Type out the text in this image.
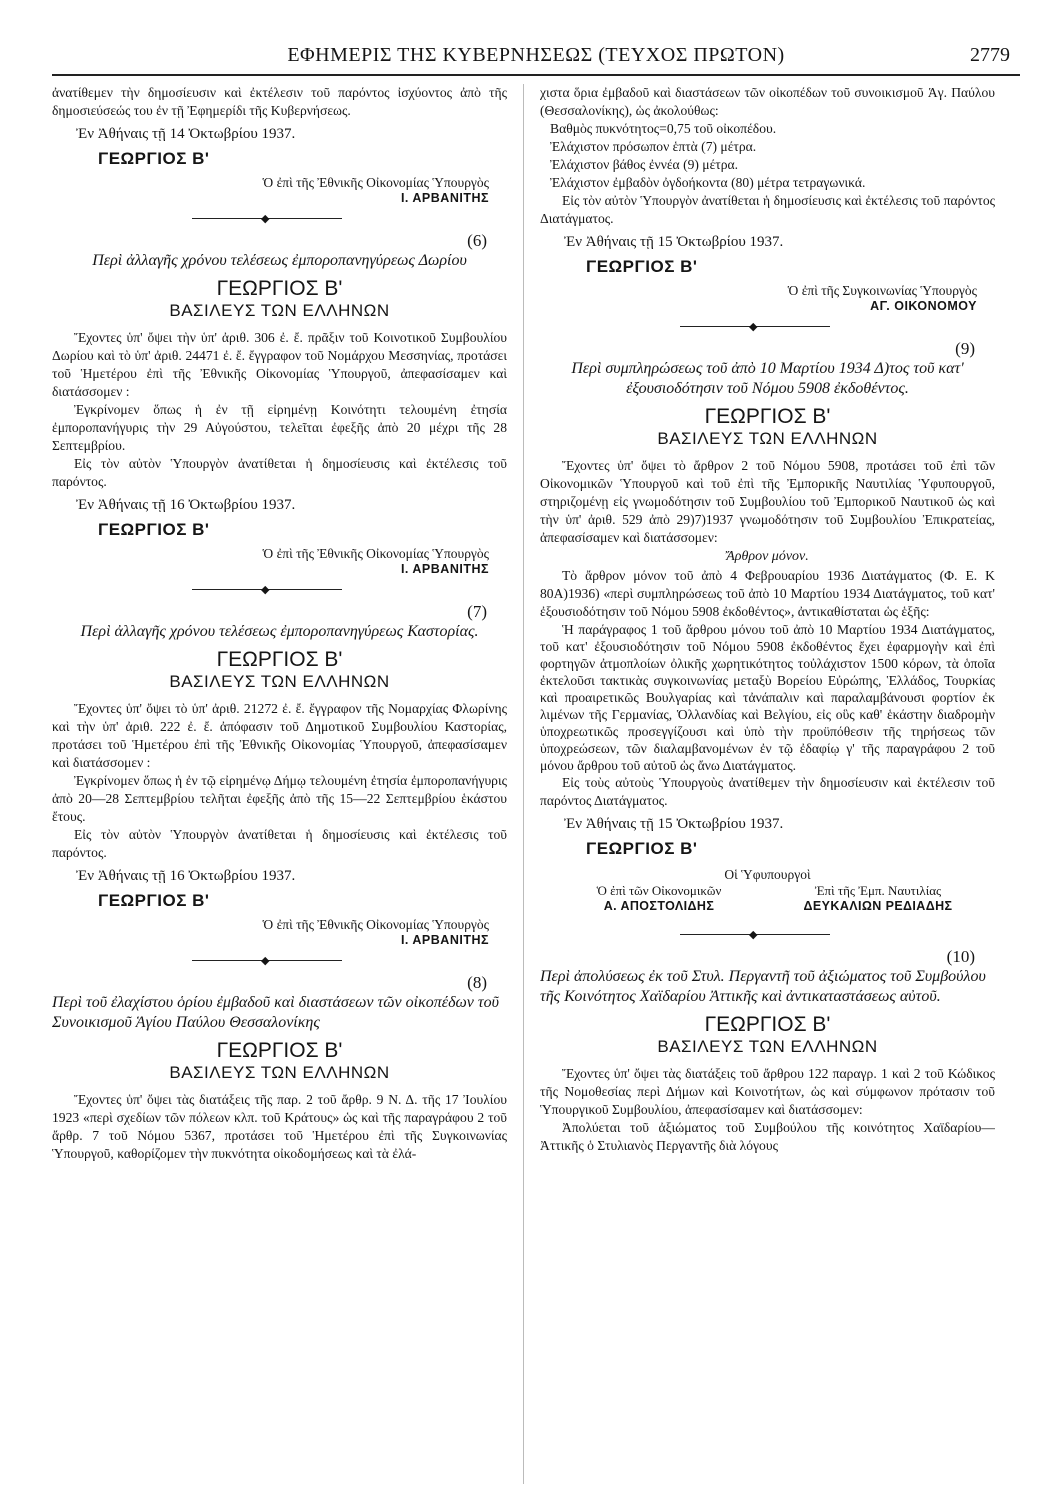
ΕΦΗΜΕΡΙΣ ΤΗΣ ΚΥΒΕΡΝΗΣΕΩΣ (ΤΕΥΧΟΣ ΠΡΩΤΟΝ)	2779

ἀνατίθεμεν τὴν δημοσίευσιν καὶ ἐκτέλεσιν τοῦ παρόντος ἰσχύοντος ἀπὸ τῆς δημοσιεύσεώς του ἐν τῇ Ἐφημερίδι τῆς Κυβερνήσεως.

Ἐν Ἀθήναις τῇ 14 Ὀκτωβρίου 1937.
ΓΕΩΡΓΙΟΣ Β'
Ὁ ἐπὶ τῆς Ἐθνικῆς Οἰκονομίας Ὑπουργὸς
Ι. ΑΡΒΑΝΙΤΗΣ
◆
(6)
Περὶ ἀλλαγῆς χρόνου τελέσεως ἐμποροπανηγύρεως Δωρίου
ΓΕΩΡΓΙΟΣ Β'
ΒΑΣΙΛΕΥΣ ΤΩΝ ΕΛΛΗΝΩΝ

Ἔχοντες ὑπ' ὄψει τὴν ὑπ' ἀριθ. 306 ἐ. ἔ. πρᾶξιν τοῦ Κοινοτικοῦ Συμβουλίου Δωρίου καὶ τὸ ὑπ' ἀριθ. 24471 ἐ. ἔ. ἔγγραφον τοῦ Νομάρχου Μεσσηνίας, προτάσει τοῦ Ἡμετέρου ἐπὶ τῆς Ἐθνικῆς Οἰκονομίας Ὑπουργοῦ, ἀπεφασίσαμεν καὶ διατάσσομεν :

Ἐγκρίνομεν ὅπως ἡ ἐν τῇ εἰρημένῃ Κοινότητι τελουμένη ἐτησία ἐμποροπανήγυρις τὴν 29 Αὐγούστου, τελεῖται ἐφεξῆς ἀπὸ 20 μέχρι τῆς 28 Σεπτεμβρίου.

Εἰς τὸν αὐτὸν Ὑπουργὸν ἀνατίθεται ἡ δημοσίευσις καὶ ἐκτέλεσις τοῦ παρόντος.

Ἐν Ἀθήναις τῇ 16 Ὀκτωβρίου 1937.
ΓΕΩΡΓΙΟΣ Β'
Ὁ ἐπὶ τῆς Ἐθνικῆς Οἰκονομίας Ὑπουργὸς
Ι. ΑΡΒΑΝΙΤΗΣ
◆
(7)
Περὶ ἀλλαγῆς χρόνου τελέσεως ἐμποροπανηγύρεως Καστορίας.
ΓΕΩΡΓΙΟΣ Β'
ΒΑΣΙΛΕΥΣ ΤΩΝ ΕΛΛΗΝΩΝ

Ἔχοντες ὑπ' ὄψει τὸ ὑπ' ἀριθ. 21272 ἐ. ἔ. ἔγγραφον τῆς Νομαρχίας Φλωρίνης καὶ τὴν ὑπ' ἀριθ. 222 ἐ. ἔ. ἀπόφασιν τοῦ Δημοτικοῦ Συμβουλίου Καστορίας, προτάσει τοῦ Ἡμετέρου ἐπὶ τῆς Ἐθνικῆς Οἰκονομίας Ὑπουργοῦ, ἀπεφασίσαμεν καὶ διατάσσομεν :

Ἐγκρίνομεν ὅπως ἡ ἐν τῷ εἰρημένῳ Δήμῳ τελουμένη ἐτησία ἐμποροπανήγυρις ἀπὸ 20—28 Σεπτεμβρίου τελῆται ἐφεξῆς ἀπὸ τῆς 15—22 Σεπτεμβρίου ἑκάστου ἔτους.

Εἰς τὸν αὐτὸν Ὑπουργὸν ἀνατίθεται ἡ δημοσίευσις καὶ ἐκτέλεσις τοῦ παρόντος.

Ἐν Ἀθήναις τῇ 16 Ὀκτωβρίου 1937.
ΓΕΩΡΓΙΟΣ Β'
Ὁ ἐπὶ τῆς Ἐθνικῆς Οἰκονομίας Ὑπουργὸς
Ι. ΑΡΒΑΝΙΤΗΣ
◆
(8)
Περὶ τοῦ ἐλαχίστου ὁρίου ἐμβαδοῦ καὶ διαστάσεων τῶν οἰκοπέδων τοῦ Συνοικισμοῦ Ἁγίου Παύλου Θεσσαλονίκης
ΓΕΩΡΓΙΟΣ Β'
ΒΑΣΙΛΕΥΣ ΤΩΝ ΕΛΛΗΝΩΝ

Ἔχοντες ὑπ' ὄψει τὰς διατάξεις τῆς παρ. 2 τοῦ ἄρθρ. 9 Ν. Δ. τῆς 17 Ἰουλίου 1923 «περὶ σχεδίων τῶν πόλεων κλπ. τοῦ Κράτους» ὡς καὶ τῆς παραγράφου 2 τοῦ ἄρθρ. 7 τοῦ Νόμου 5367, προτάσει τοῦ Ἡμετέρου ἐπὶ τῆς Συγκοινωνίας Ὑπουργοῦ, καθορίζομεν τὴν πυκνότητα οἰκοδομήσεως καὶ τὰ ἐλά-

χιστα ὅρια ἐμβαδοῦ καὶ διαστάσεων τῶν οἰκοπέδων τοῦ συνοικισμοῦ Ἁγ. Παύλου (Θεσσαλονίκης), ὡς ἀκολούθως:

Βαθμὸς πυκνότητος=0,75 τοῦ οἰκοπέδου.
Ἐλάχιστον πρόσωπον ἑπτὰ (7) μέτρα.
Ἐλάχιστον βάθος ἐννέα (9) μέτρα.
Ἐλάχιστον ἐμβαδὸν ὀγδοήκοντα (80) μέτρα τετραγωνικά.

Εἰς τὸν αὐτὸν Ὑπουργὸν ἀνατίθεται ἡ δημοσίευσις καὶ ἐκτέλεσις τοῦ παρόντος Διατάγματος.

Ἐν Ἀθήναις τῇ 15 Ὀκτωβρίου 1937.
ΓΕΩΡΓΙΟΣ Β'
Ὁ ἐπὶ τῆς Συγκοινωνίας Ὑπουργὸς
ΑΓ. ΟΙΚΟΝΟΜΟΥ
◆
(9)
Περὶ συμπληρώσεως τοῦ ἀπὸ 10 Μαρτίου 1934 Δ)τος τοῦ κατ' ἐξουσιοδότησιν τοῦ Νόμου 5908 ἐκδοθέντος.
ΓΕΩΡΓΙΟΣ Β'
ΒΑΣΙΛΕΥΣ ΤΩΝ ΕΛΛΗΝΩΝ

Ἔχοντες ὑπ' ὄψει τὸ ἄρθρον 2 τοῦ Νόμου 5908, προτάσει τοῦ ἐπὶ τῶν Οἰκονομικῶν Ὑπουργοῦ καὶ τοῦ ἐπὶ τῆς Ἐμπορικῆς Ναυτιλίας Ὑφυπουργοῦ, στηριζομένῃ εἰς γνωμοδότησιν τοῦ Συμβουλίου τοῦ Ἐμπορικοῦ Ναυτικοῦ ὡς καὶ τὴν ὑπ' ἀριθ. 529 ἀπὸ 29)7)1937 γνωμοδότησιν τοῦ Συμβουλίου Ἐπικρατείας, ἀπεφασίσαμεν καὶ διατάσσομεν:

Ἄρθρον μόνον.

Τὸ ἄρθρον μόνον τοῦ ἀπὸ 4 Φεβρουαρίου 1936 Διατάγματος (Φ. Ε. Κ 80Α)1936) «περὶ συμπληρώσεως τοῦ ἀπὸ 10 Μαρτίου 1934 Διατάγματος, τοῦ κατ' ἐξουσιοδότησιν τοῦ Νόμου 5908 ἐκδοθέντος», ἀντικαθίσταται ὡς ἑξῆς:

Ἡ παράγραφος 1 τοῦ ἄρθρου μόνου τοῦ ἀπὸ 10 Μαρτίου 1934 Διατάγματος, τοῦ κατ' ἐξουσιοδότησιν τοῦ Νόμου 5908 ἐκδοθέντος ἔχει ἐφαρμογὴν καὶ ἐπὶ φορτηγῶν ἀτμοπλοίων ὀλικῆς χωρητικότητος τοὐλάχιστον 1500 κόρων, τὰ ὁποῖα ἐκτελοῦσι τακτικὰς συγκοινωνίας μεταξὺ Βορείου Εὐρώπης, Ἑλλάδος, Τουρκίας καὶ προαιρετικῶς Βουλγαρίας καὶ τἀνάπαλιν καὶ παραλαμβάνουσι φορτίον ἐκ λιμένων τῆς Γερμανίας, Ὁλλανδίας καὶ Βελγίου, εἰς οὓς καθ' ἑκάστην διαδρομὴν ὑποχρεωτικῶς προσεγγίζουσι καὶ ὑπὸ τὴν προϋπόθεσιν τῆς τηρήσεως τῶν ὑποχρεώσεων, τῶν διαλαμβανομένων ἐν τῷ ἐδαφίῳ γ' τῆς παραγράφου 2 τοῦ μόνου ἄρθρου τοῦ αὐτοῦ ὡς ἄνω Διατάγματος.

Εἰς τοὺς αὐτοὺς Ὑπουργοὺς ἀνατίθεμεν τὴν δημοσίευσιν καὶ ἐκτέλεσιν τοῦ παρόντος Διατάγματος.

Ἐν Ἀθήναις τῇ 15 Ὀκτωβρίου 1937.
ΓΕΩΡΓΙΟΣ Β'
Οἱ Ὑφυπουργοὶ
Ὁ ἐπὶ τῶν Οἰκονομικῶν
Α. ΑΠΟΣΤΟΛΙΔΗΣ
Ἐπὶ τῆς Ἐμπ. Ναυτιλίας
ΔΕΥΚΑΛΙΩΝ ΡΕΔΙΑΔΗΣ
◆
(10)
Περὶ ἀπολύσεως ἐκ τοῦ Στυλ. Περγαντῆ τοῦ ἀξιώματος τοῦ Συμβούλου τῆς Κοινότητος Χαϊδαρίου Ἀττικῆς καὶ ἀντικαταστάσεως αὐτοῦ.
ΓΕΩΡΓΙΟΣ Β'
ΒΑΣΙΛΕΥΣ ΤΩΝ ΕΛΛΗΝΩΝ

Ἔχοντες ὑπ' ὄψει τὰς διατάξεις τοῦ ἄρθρου 122 παραγρ. 1 καὶ 2 τοῦ Κώδικος τῆς Νομοθεσίας περὶ Δήμων καὶ Κοινοτήτων, ὡς καὶ σύμφωνον πρότασιν τοῦ Ὑπουργικοῦ Συμβουλίου, ἀπεφασίσαμεν καὶ διατάσσομεν:

Ἀπολύεται τοῦ ἀξιώματος τοῦ Συμβούλου τῆς κοινότητος Χαϊδαρίου—Ἀττικῆς ὁ Στυλιανὸς Περγαντῆς διὰ λόγους
